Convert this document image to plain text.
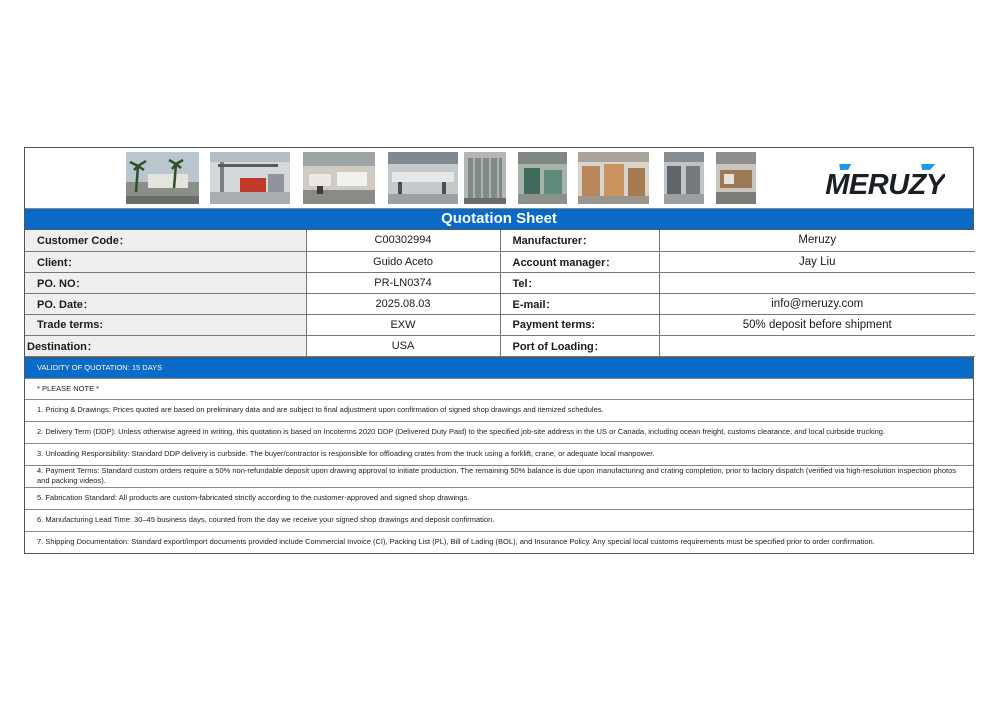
MERUZY
Quotation Sheet
Customer Code：	C00302994	Manufacturer：	Meruzy
Client：	Guido Aceto	Account manager：	Jay Liu
PO. NO：	PR-LN0374	Tel：	
PO. Date：	2025.08.03	E-mail：	info@meruzy.com
Trade terms:	EXW	Payment terms:	50% deposit before shipment
Destination：	USA	Port of Loading：	
VALIDITY OF QUOTATION: 15 DAYS
* PLEASE NOTE *
1. Pricing & Drawings: Prices quoted are based on preliminary data and are subject to final adjustment upon confirmation of signed shop drawings and itemized schedules.
2. Delivery Term (DDP): Unless otherwise agreed in writing, this quotation is based on Incoterms 2020 DDP (Delivered Duty Paid) to the specified job-site address in the US or Canada, including ocean freight, customs clearance, and local curbside trucking.
3. Unloading Responsibility: Standard DDP delivery is curbside. The buyer/contractor is responsible for offloading crates from the truck using a forklift, crane, or adequate local manpower.
4. Payment Terms: Standard custom orders require a 50% non-refundable deposit upon drawing approval to initiate production. The remaining 50% balance is due upon manufacturing and crating completion, prior to factory dispatch (verified via high-resolution inspection photos and packing videos).
5. Fabrication Standard: All products are custom-fabricated strictly according to the customer-approved and signed shop drawings.
6. Manufacturing Lead Time: 30–45 business days, counted from the day we receive your signed shop drawings and deposit confirmation.
7. Shipping Documentation: Standard export/import documents provided include Commercial Invoice (CI), Packing List (PL), Bill of Lading (BOL), and Insurance Policy. Any special local customs requirements must be specified prior to order confirmation.
